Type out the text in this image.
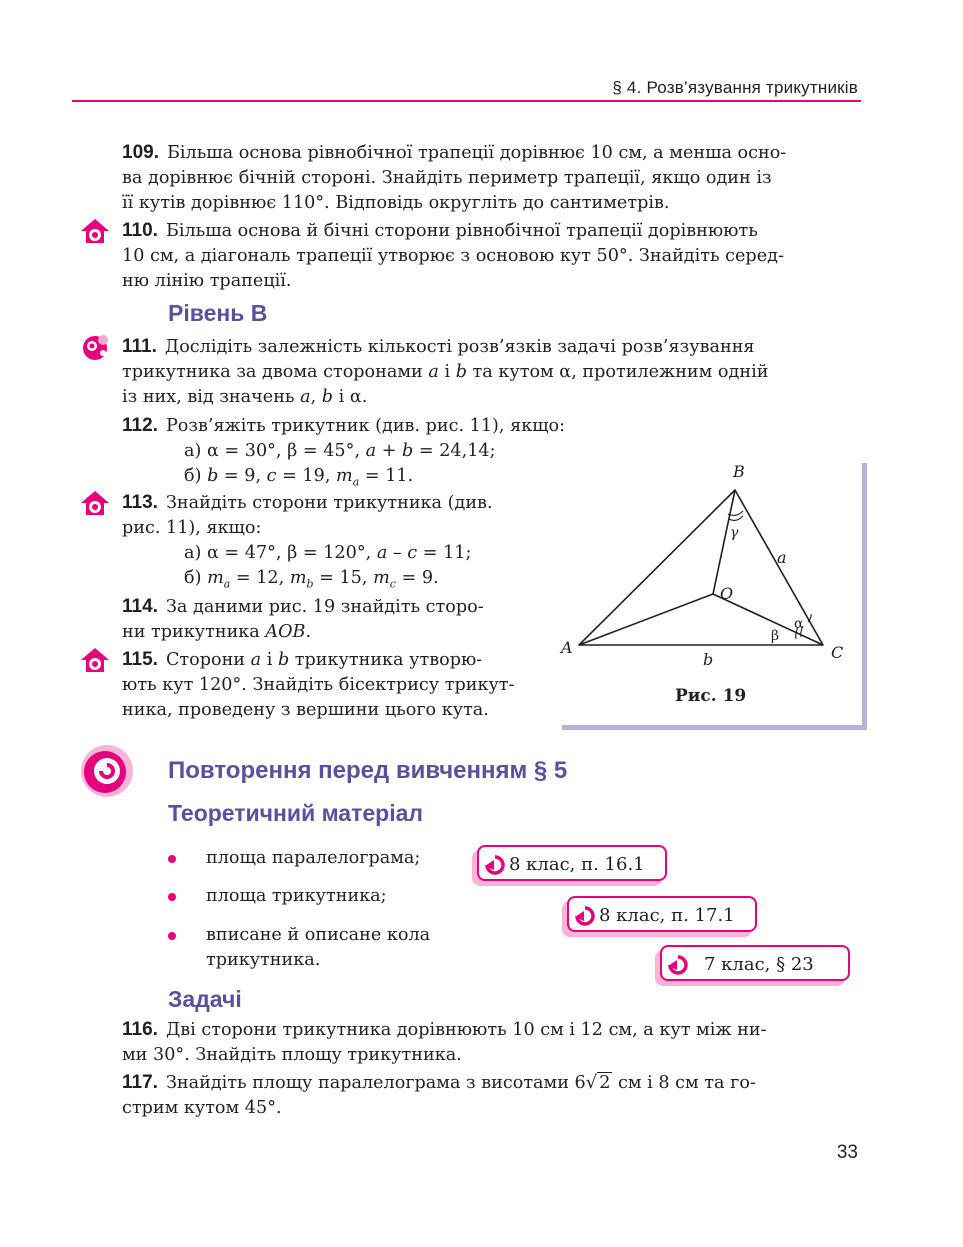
§ 4. Розв’язування трикутників
109. Більша основа рівнобічної трапеції дорівнює 10 см, а менша осно-
ва дорівнює бічній стороні. Знайдіть периметр трапеції, якщо один із
її кутів дорівнює 110°. Відповідь округліть до сантиметрів.
110. Більша основа й бічні сторони рівнобічної трапеції дорівнюють
10 см, а діагональ трапеції утворює з основою кут 50°. Знайдіть серед-
ню лінію трапеції.
Рівень В
111. Дослідіть залежність кількості розв’язків задачі розв’язування
трикутника за двома сторонами a і b та кутом α, протилежним одній
із них, від значень a, b і α.
112. Розв’яжіть трикутник (див. рис. 11), якщо:
а) α = 30°, β = 45°, a + b = 24,14;
б) b = 9, c = 19, $m_a = 11$.
113. Знайдіть сторони трикутника (див.
рис. 11), якщо:
а) α = 47°, β = 120°, a – c = 11;
б) $m_a = 12$, $m_b = 15$, $m_c = 9$.
114. За даними рис. 19 знайдіть сторо-
ни трикутника AOB.
115. Сторони a і b трикутника утворю-
ють кут 120°. Знайдіть бісектрису трикут-
ника, проведену з вершини цього кута.
B
A	C
O
a
b
γ
α
β
Рис. 19
Повторення перед вивченням § 5
Теоретичний матеріал
площа паралелограма;
площа трикутника;
вписане й описане кола
трикутника.
8 клас, п. 16.1
8 клас, п. 17.1
7 клас, § 23
Задачі
116. Дві сторони трикутника дорівнюють 10 см і 12 см, а кут між ни-
ми 30°. Знайдіть площу трикутника.
117. Знайдіть площу паралелограма з висотами 6√ 2 см і 8 см та го-
стрим кутом 45°.
33
